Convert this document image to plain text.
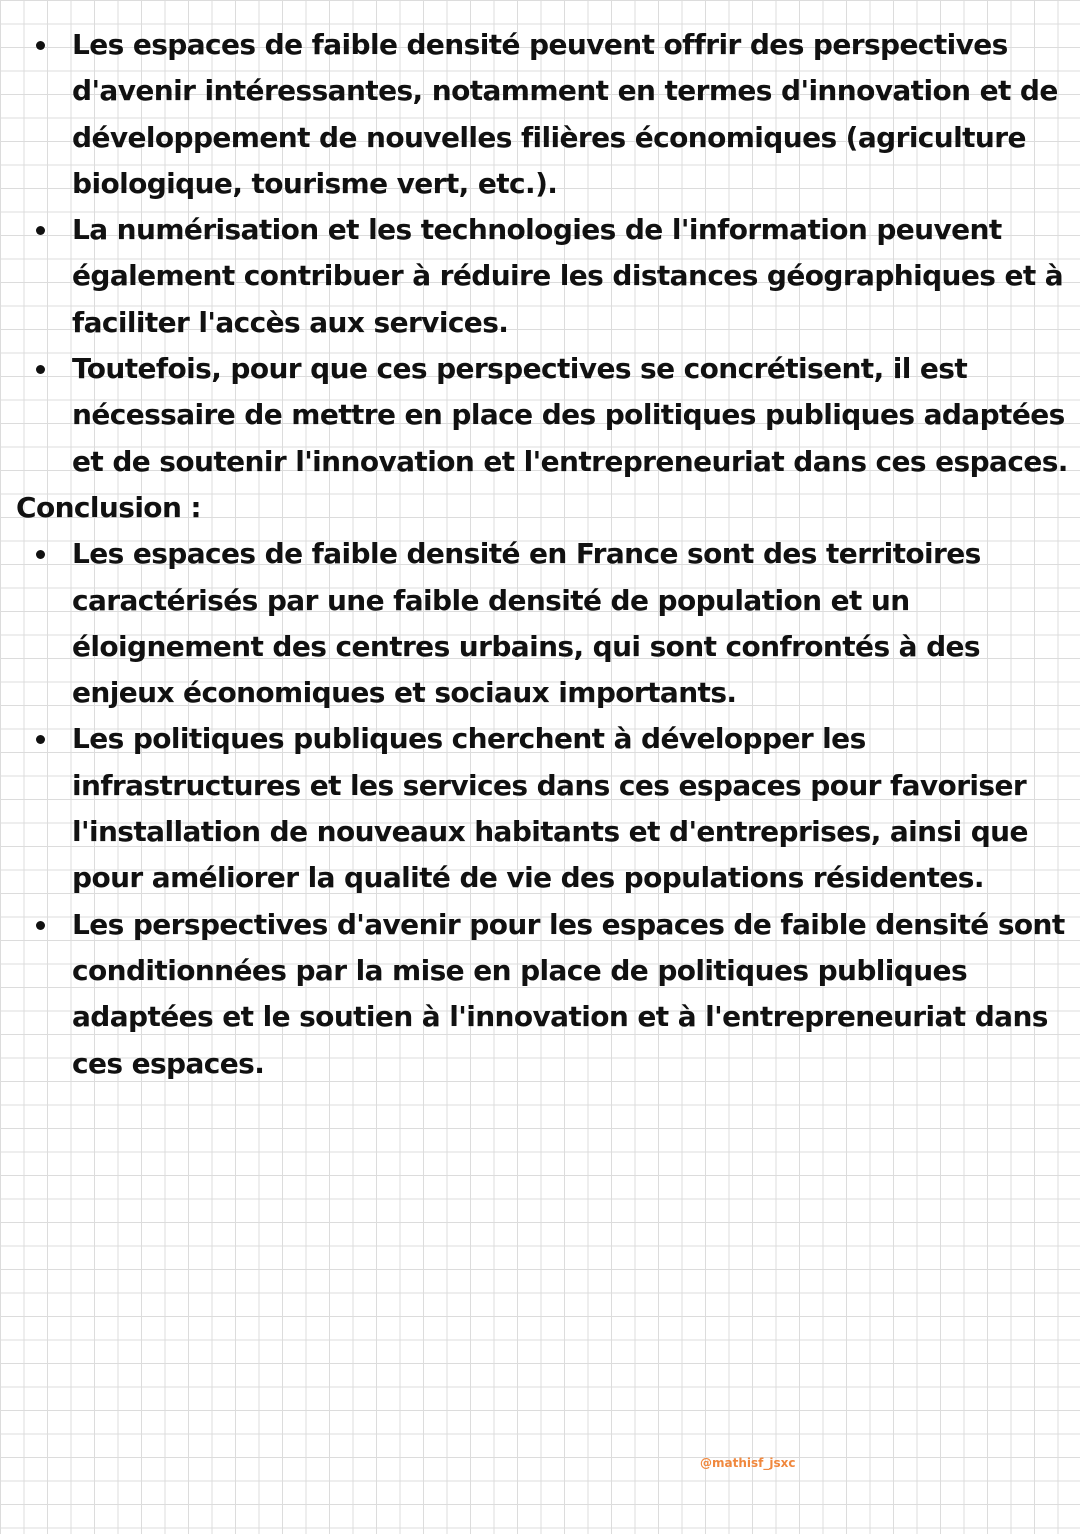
Les espaces de faible densité peuvent offrir des perspectives d'avenir intéressantes, notamment en termes d'innovation et de développement de nouvelles filières économiques (agriculture biologique, tourisme vert, etc.).
La numérisation et les technologies de l'information peuvent également contribuer à réduire les distances géographiques et à faciliter l'accès aux services.
Toutefois, pour que ces perspectives se concrétisent, il est nécessaire de mettre en place des politiques publiques adaptées et de soutenir l'innovation et l'entrepreneuriat dans ces espaces.

Conclusion :

Les espaces de faible densité en France sont des territoires caractérisés par une faible densité de population et un éloignement des centres urbains, qui sont confrontés à des enjeux économiques et sociaux importants.
Les politiques publiques cherchent à développer les infrastructures et les services dans ces espaces pour favoriser l'installation de nouveaux habitants et d'entreprises, ainsi que pour améliorer la qualité de vie des populations résidentes.
Les perspectives d'avenir pour les espaces de faible densité sont conditionnées par la mise en place de politiques publiques adaptées et le soutien à l'innovation et à l'entrepreneuriat dans ces espaces.
@mathisf_jsxc
